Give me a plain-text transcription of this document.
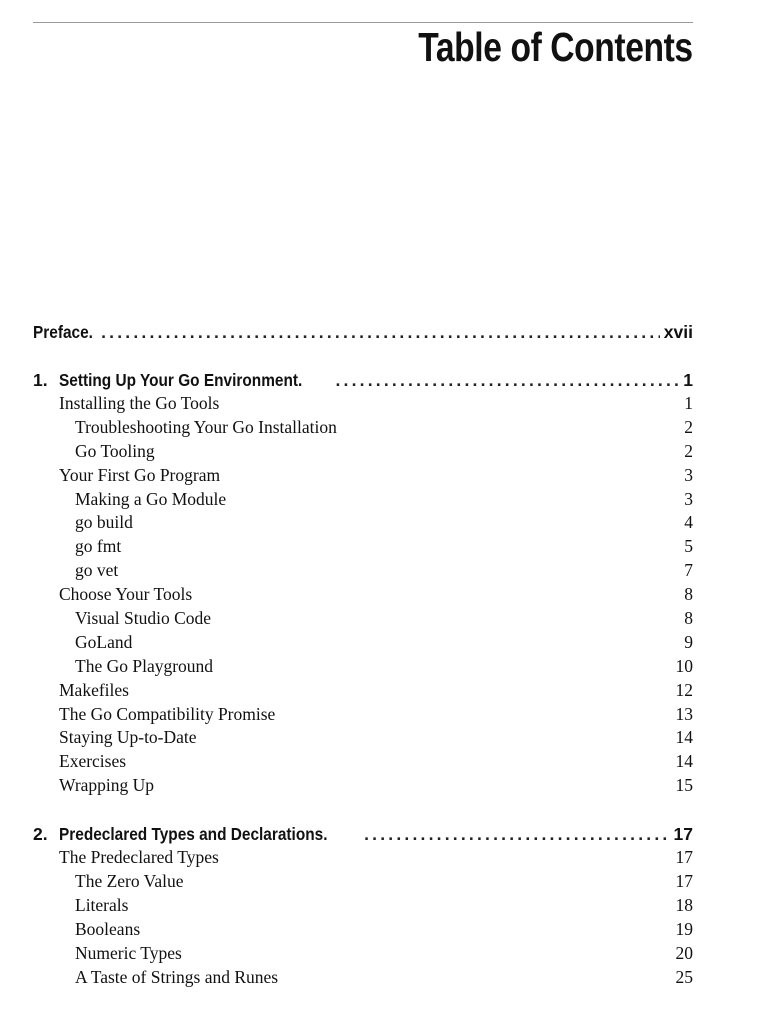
Table of Contents
Preface. .....	xvii
1. Setting Up Your Go Environment. .....	1
Installing the Go Tools	1
Troubleshooting Your Go Installation	2
Go Tooling	2
Your First Go Program	3
Making a Go Module	3
go build	4
go fmt	5
go vet	7
Choose Your Tools	8
Visual Studio Code	8
GoLand	9
The Go Playground	10
Makefiles	12
The Go Compatibility Promise	13
Staying Up-to-Date	14
Exercises	14
Wrapping Up	15
2. Predeclared Types and Declarations. .....	17
The Predeclared Types	17
The Zero Value	17
Literals	18
Booleans	19
Numeric Types	20
A Taste of Strings and Runes	25
